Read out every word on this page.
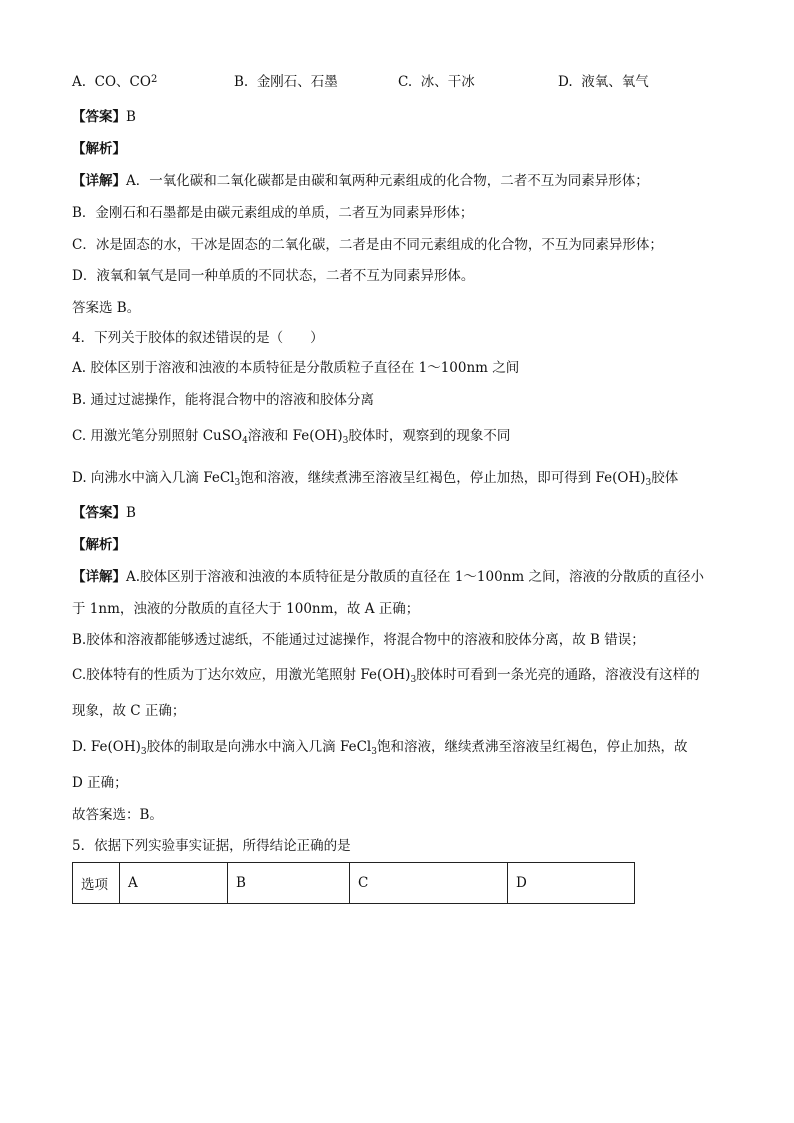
A. CO、$CO^2$	B. 金刚石、石墨	C. 冰、干冰	D. 液氧、氧气
【答案】B
【解析】
【详解】A．一氧化碳和二氧化碳都是由碳和氧两种元素组成的化合物，二者不互为同素异形体；
B．金刚石和石墨都是由碳元素组成的单质，二者互为同素异形体；
C．冰是固态的水，干冰是固态的二氧化碳，二者是由不同元素组成的化合物，不互为同素异形体；
D．液氧和氧气是同一种单质的不同状态，二者不互为同素异形体。
答案选 B。
4．下列关于胶体的叙述错误的是（　　）
A. 胶体区别于溶液和浊液的本质特征是分散质粒子直径在 1～100nm 之间
B. 通过过滤操作，能将混合物中的溶液和胶体分离
C. 用激光笔分别照射 CuSO$_4$溶液和 $Fe(OH)_3$胶体时，观察到的现象不同
D. 向沸水中滴入几滴 FeCl$_3$饱和溶液，继续煮沸至溶液呈红褐色，停止加热，即可得到 $Fe(OH)_3$胶体
【答案】B
【解析】
【详解】A.胶体区别于溶液和浊液的本质特征是分散质的直径在 1～100nm 之间，溶液的分散质的直径小
于 1nm，浊液的分散质的直径大于 100nm，故 A 正确；
B.胶体和溶液都能够透过滤纸，不能通过过滤操作，将混合物中的溶液和胶体分离，故 B 错误；
C.胶体特有的性质为丁达尔效应，用激光笔照射 $Fe(OH)_3$胶体时可看到一条光亮的通路，溶液没有这样的
现象，故 C 正确；
D. $Fe(OH)_3$胶体的制取是向沸水中滴入几滴 FeCl$_3$饱和溶液，继续煮沸至溶液呈红褐色，停止加热，故
D 正确；
故答案选：B。
5．依据下列实验事实证据，所得结论正确的是
选项	A	B	C	D
